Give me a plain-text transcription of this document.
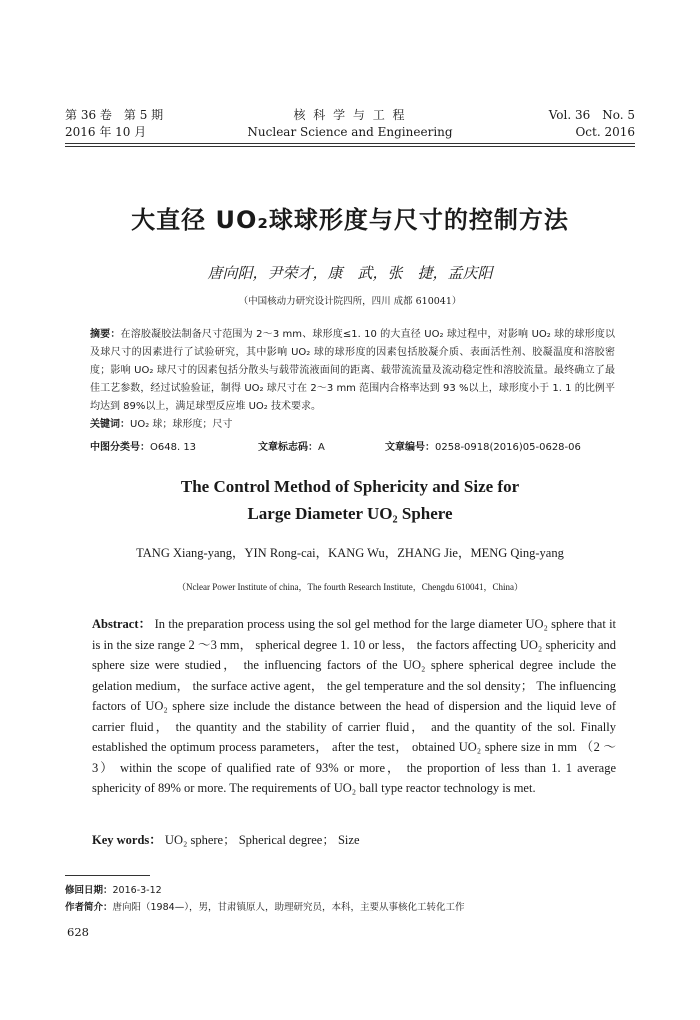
第 36 卷　第 5 期
2016 年 10 月
核 科 学 与 工 程
Nuclear Science and Engineering
Vol. 36　No. 5
Oct. 2016
大直径 UO₂球球形度与尺寸的控制方法
唐向阳，尹荣才，康　武，张　捷，孟庆阳
（中国核动力研究设计院四所，四川 成都 610041）
摘要：在溶胶凝胶法制备尺寸范围为 2～3 mm、球形度≤1. 10 的大直径 UO₂ 球过程中，对影响 UO₂ 球的球形度以及球尺寸的因素进行了试验研究，其中影响 UO₂ 球的球形度的因素包括胶凝介质、表面活性剂、胶凝温度和溶胶密度；影响 UO₂ 球尺寸的因素包括分散头与载带流液面间的距离、载带流流量及流动稳定性和溶胶流量。最终确立了最佳工艺参数，经过试验验证，制得 UO₂ 球尺寸在 2～3 mm 范围内合格率达到 93 %以上，球形度小于 1. 1 的比例平均达到 89%以上，满足球型反应堆 UO₂ 技术要求。
关键词：UO₂ 球；球形度；尺寸
中图分类号：O648. 13	文章标志码：A	文章编号：0258-0918(2016)05-0628-06
The Control Method of Sphericity and Size for
Large Diameter UO₂ Sphere
TANG Xiang-yang，YIN Rong-cai，KANG Wu，ZHANG Jie，MENG Qing-yang
（Nclear Power Institute of china，The fourth Research Institute，Chengdu 610041，China）
Abstract： In the preparation process using the sol gel method for the large diameter UO₂ sphere that it is in the size range 2 ～3 mm， spherical degree 1. 10 or less， the factors affecting UO₂ sphericity and sphere size were studied， the influencing factors of the UO₂ sphere spherical degree include the gelation medium， the surface active agent， the gel temperature and the sol density； The influencing factors of UO₂ sphere size include the distance between the head of dispersion and the liquid leve of carrier fluid， the quantity and the stability of carrier fluid， and the quantity of the sol. Finally established the optimum process parameters， after the test， obtained UO₂ sphere size in mm （2 ～ 3） within the scope of qualified rate of 93% or more， the proportion of less than 1. 1 average sphericity of 89% or more. The requirements of UO₂ ball type reactor technology is met.
Key words： UO₂ sphere； Spherical degree； Size
修回日期：2016-3-12
作者简介：唐向阳（1984—），男，甘肃镇原人，助理研究员，本科，主要从事核化工转化工作
628
